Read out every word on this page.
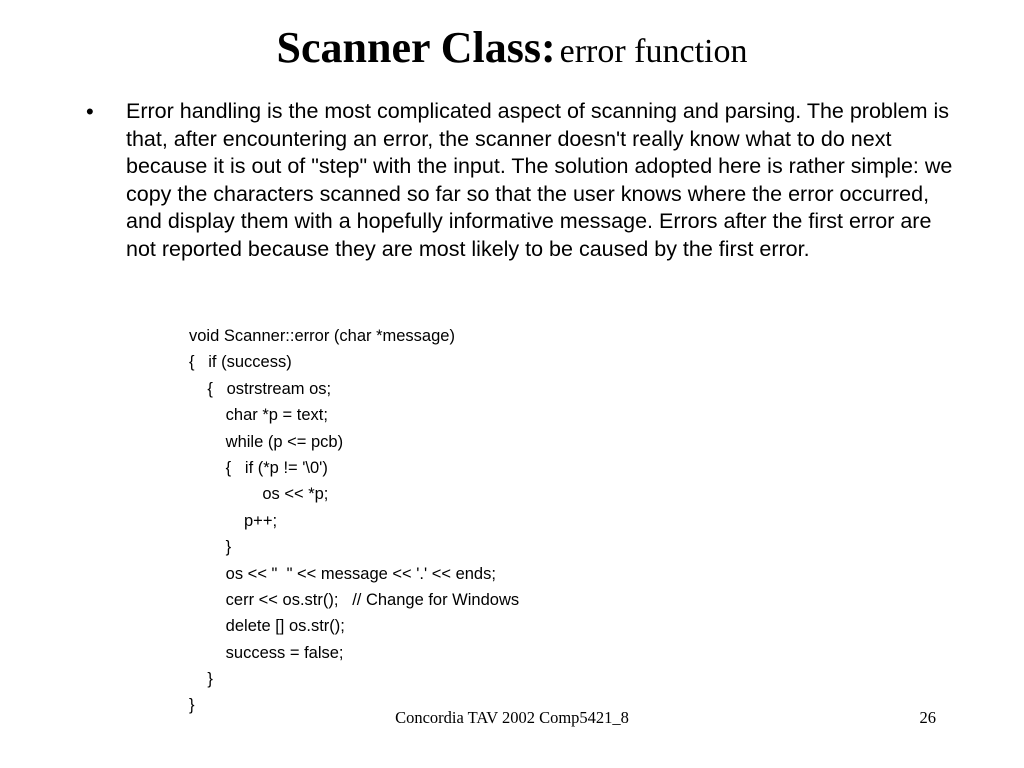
Scanner Class: error function
• Error handling is the most complicated aspect of scanning and parsing. The problem is that, after encountering an error, the scanner doesn't really know what to do next because it is out of "step" with the input. The solution adopted here is rather simple: we copy the characters scanned so far so that the user knows where the error occurred, and display them with a hopefully informative message. Errors after the first error are not reported because they are most likely to be caused by the first error.
void Scanner::error (char *message)
{   if (success)
{   ostrstream os;
char *p = text;
while (p <= pcb)
{   if (*p != '\0')
os << *p;
p++;
}
os << "  " << message << '.' << ends;
cerr << os.str();   // Change for Windows
delete [] os.str();
success = false;
}
}
Concordia TAV 2002 Comp5421_8	26
